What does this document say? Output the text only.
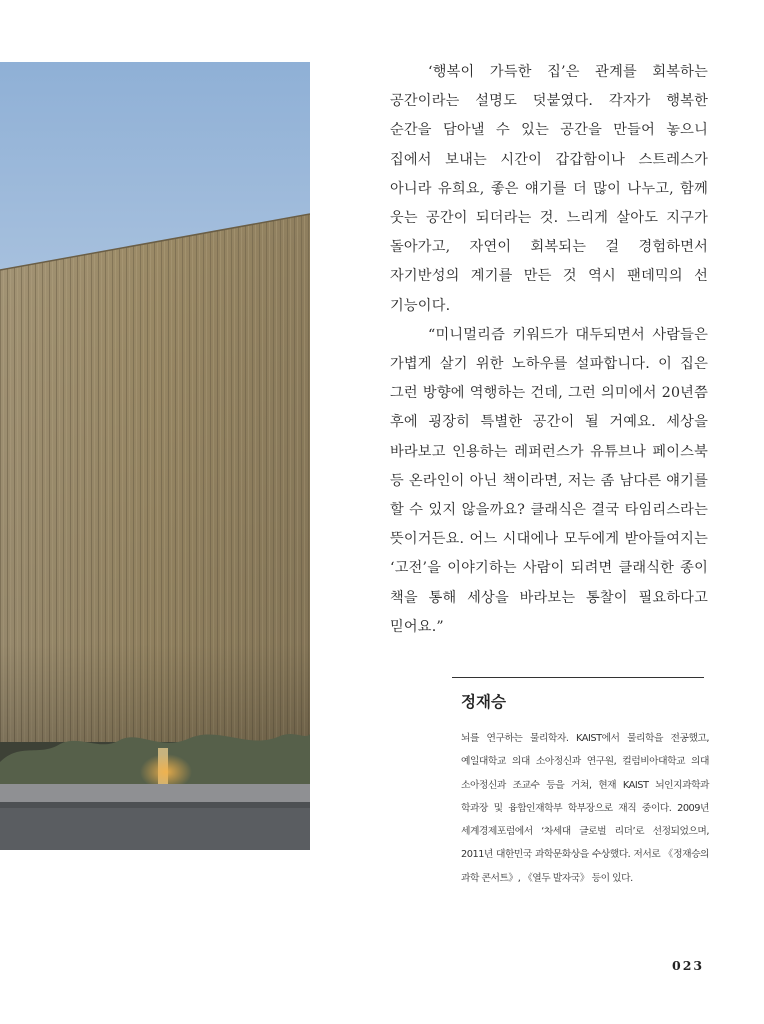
‘행복이 가득한 집’은 관계를 회복하는 공간이라는 설명도 덧붙였다. 각자가 행복한 순간을 담아낼 수 있는 공간을 만들어 놓으니 집에서 보내는 시간이 갑갑함이나 스트레스가 아니라 유희요, 좋은 얘기를 더 많이 나누고, 함께 웃는 공간이 되더라는 것. 느리게 살아도 지구가 돌아가고, 자연이 회복되는 걸 경험하면서 자기반성의 계기를 만든 것 역시 팬데믹의 선 기능이다.

“미니멀리즘 키워드가 대두되면서 사람들은 가볍게 살기 위한 노하우를 설파합니다. 이 집은 그런 방향에 역행하는 건데, 그런 의미에서 20년쯤 후에 굉장히 특별한 공간이 될 거예요. 세상을 바라보고 인용하는 레퍼런스가 유튜브나 페이스북 등 온라인이 아닌 책이라면, 저는 좀 남다른 얘기를 할 수 있지 않을까요? 클래식은 결국 타임리스라는 뜻이거든요. 어느 시대에나 모두에게 받아들여지는 ‘고전’을 이야기하는 사람이 되려면 클래식한 종이 책을 통해 세상을 바라보는 통찰이 필요하다고 믿어요.”

정재승
뇌를 연구하는 물리학자. KAIST에서 물리학을 전공했고, 예일대학교 의대 소아정신과 연구원, 컬럼비아대학교 의대 소아정신과 조교수 등을 거쳐, 현재 KAIST 뇌인지과학과 학과장 및 융합인재학부 학부장으로 재직 중이다. 2009년 세계경제포럼에서 ‘차세대 글로벌 리더’로 선정되었으며, 2011년 대한민국 과학문화상을 수상했다. 저서로 《정재승의 과학 콘서트》, 《열두 발자국》 등이 있다.
023
